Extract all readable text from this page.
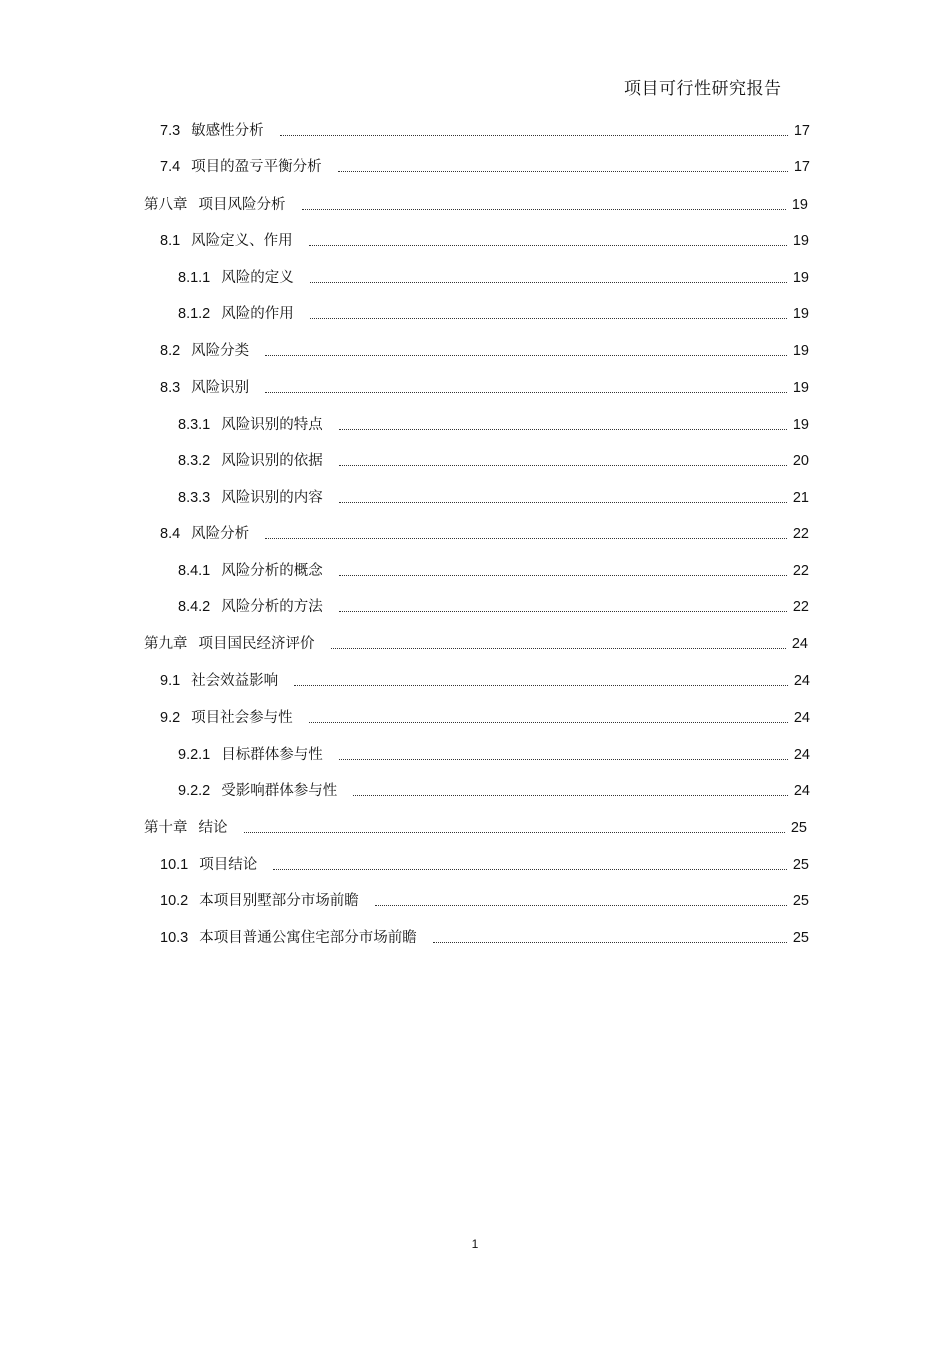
项目可行性研究报告
7.3 敏感性分析	17
7.4 项目的盈亏平衡分析	17
第八章 项目风险分析	19
8.1 风险定义、作用	19
8.1.1 风险的定义	19
8.1.2 风险的作用	19
8.2 风险分类	19
8.3 风险识别	19
8.3.1 风险识别的特点	19
8.3.2 风险识别的依据	20
8.3.3 风险识别的内容	21
8.4 风险分析	22
8.4.1 风险分析的概念	22
8.4.2 风险分析的方法	22
第九章 项目国民经济评价	24
9.1 社会效益影响	24
9.2 项目社会参与性	24
9.2.1 目标群体参与性	24
9.2.2 受影响群体参与性	24
第十章 结论	25
10.1 项目结论	25
10.2 本项目别墅部分市场前瞻	25
10.3 本项目普通公寓住宅部分市场前瞻	25
1
